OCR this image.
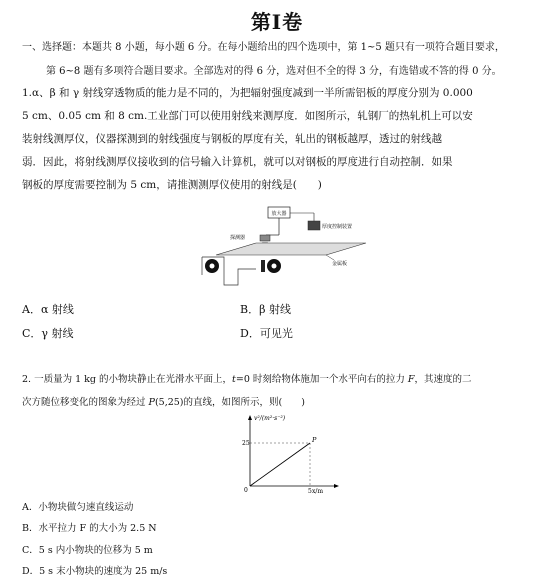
第Ⅰ卷
一、选择题：本题共 8 小题，每小题 6 分。在每小题给出的四个选项中，第 1~5 题只有一项符合题目要求，
第 6~8 题有多项符合题目要求。全部选对的得 6 分，选对但不全的得 3 分，有选错或不答的得 0 分。
1.α、β 和 γ 射线穿透物质的能力是不同的，为把辐射强度减到一半所需铝板的厚度分别为 0.000
5 cm、0.05 cm 和 8 cm.工业部门可以使用射线来测厚度．如图所示，轧钢厂的热轧机上可以安
装射线测厚仪，仪器探测到的射线强度与钢板的厚度有关，轧出的钢板越厚，透过的射线越
弱．因此，将射线测厚仪接收到的信号输入计算机，就可以对钢板的厚度进行自动控制．如果
钢板的厚度需要控制为 5 cm，请推测测厚仪使用的射线是(　　)
放大器
厚度控制装置
探测器
金属板
A．α 射线	B．β 射线
C．γ 射线	D．可见光
2. 一质量为 1 kg 的小物块静止在光滑水平面上，t=0 时刻给物体施加一个水平向右的拉力 F，其速度的二
次方随位移变化的图象为经过 P(5,25)的直线，如图所示，则(　　)
v²/(m²·s⁻²)
x/m
25
5
0
P
A．小物块做匀速直线运动
B．水平拉力 F 的大小为 2.5 N
C．5 s 内小物块的位移为 5 m
D．5 s 末小物块的速度为 25 m/s
